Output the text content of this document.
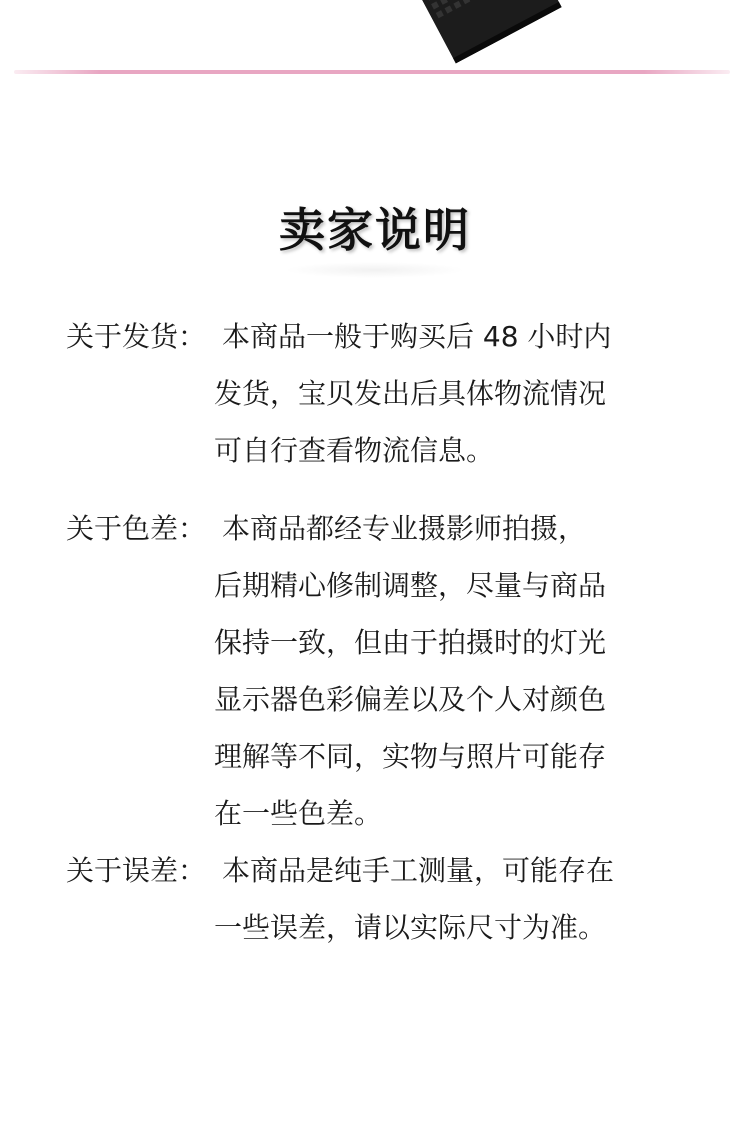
卖家说明
关于发货： 本商品一般于购买后 48 小时内
发货，宝贝发出后具体物流情况
可自行查看物流信息。
关于色差： 本商品都经专业摄影师拍摄，
后期精心修制调整，尽量与商品
保持一致，但由于拍摄时的灯光
显示器色彩偏差以及个人对颜色
理解等不同，实物与照片可能存
在一些色差。
关于误差： 本商品是纯手工测量，可能存在
一些误差，请以实际尺寸为准。
